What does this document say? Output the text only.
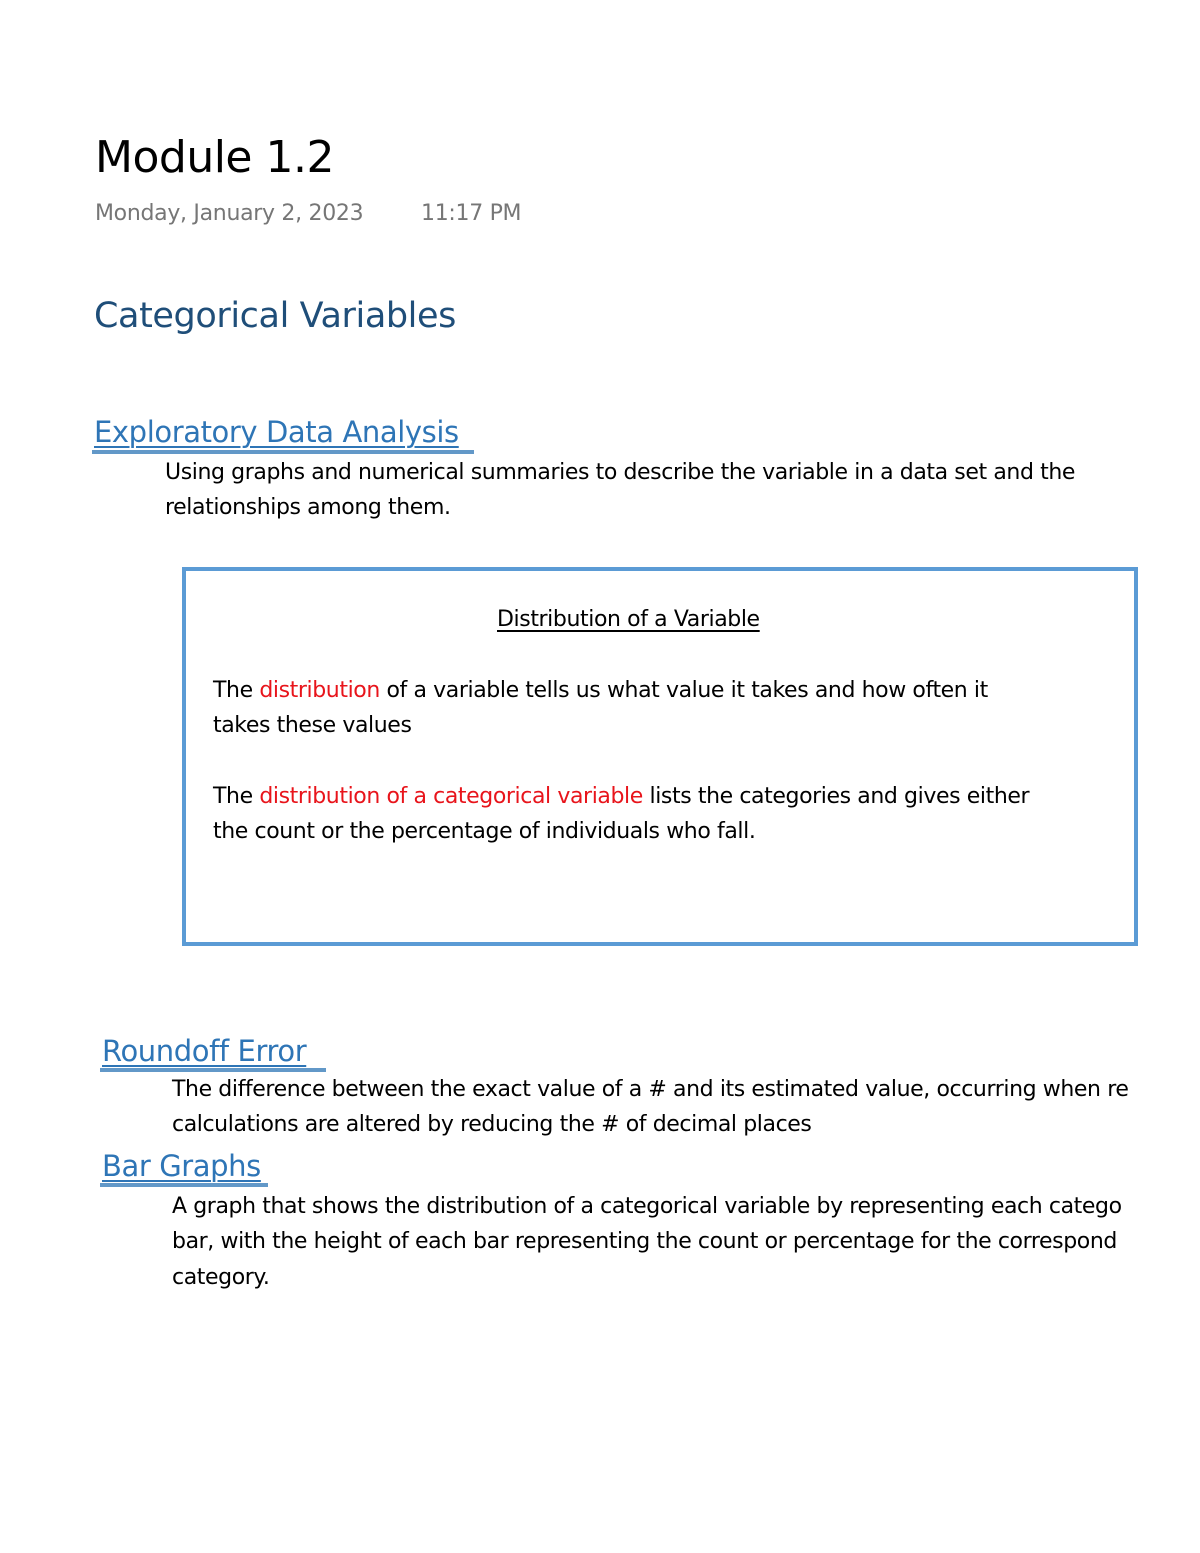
Module 1.2
Monday, January 2, 2023	11:17 PM
Categorical Variables
Exploratory Data Analysis
Using graphs and numerical summaries to describe the variable in a data set and the
relationships among them.
Distribution of a Variable
The distribution of a variable tells us what value it takes and how often it
takes these values
The distribution of a categorical variable lists the categories and gives either
the count or the percentage of individuals who fall.
Roundoff Error
The difference between the exact value of a # and its estimated value, occurring when re
calculations are altered by reducing the # of decimal places
Bar Graphs
A graph that shows the distribution of a categorical variable by representing each catego
bar, with the height of each bar representing the count or percentage for the correspond
category.
